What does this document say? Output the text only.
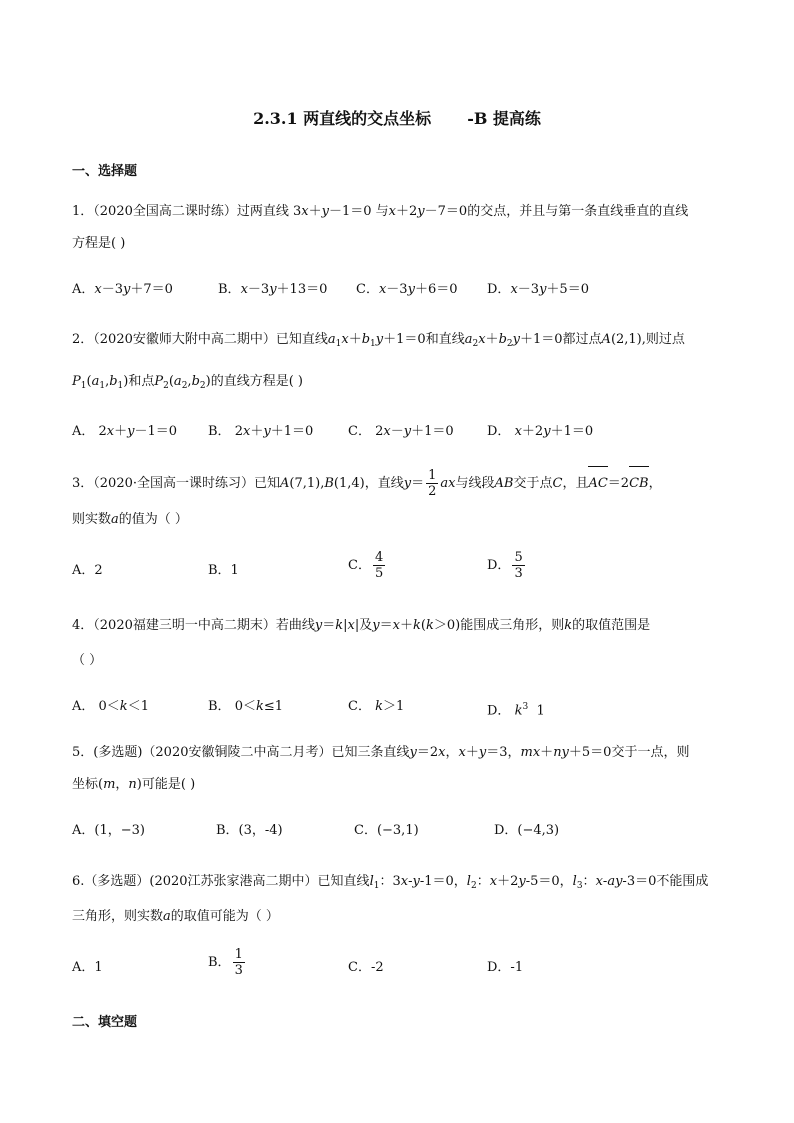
2.3.1 两直线的交点坐标 -B 提高练
一、选择题
1．（2020全国高二课时练）过两直线 3x＋y－1＝0 与x＋2y－7＝0的交点，并且与第一条直线垂直的直线
方程是( )
A．x－3y＋7＝0	B．x－3y＋13＝0 C．x－3y＋6＝0 D．x－3y＋5＝0
2．（2020安徽师大附中高二期中）已知直线$a_1x+b_1y+1=0$和直线$a_2x+b_2y+1=0$都过点A(2,1),则过点
$P_1(a_1,b_1)$和点$P_2(a_2,b_2)$的直线方程是( )
A． 2x＋y－1＝0 B． 2x＋y＋1＝0	C． 2x－y＋1＝0	D． x＋2y＋1＝0
3．（2020·全国高一课时练习）已知A(7,1),B(1,4)，直线$y= \frac{1}{2}$ ax与线段AB交于点C，且AC＝2CB，
则实数a的值为（ ）
A．2	B．1	C． $\frac{4}{5}$	D． $\frac{5}{3}$
4．（2020福建三明一中高二期末）若曲线y＝k|x|及y＝x＋k(k＞0)能围成三角形，则k的取值范围是
（ ）
A． 0＜k＜1	B． 0＜k≤1	C． k＞1	D． $k^3$  1
5．(多选题)（2020安徽铜陵二中高二月考）已知三条直线y＝2x，x＋y＝3，mx＋ny＋5＝0交于一点，则
坐标(m，n)可能是( )
A．(1，−3)	B．(3，-4)	C．(−3,1)	D．(−4,3)
6.（多选题）(2020江苏张家港高二期中）已知直线$l_1$：3x-y-1＝0，$l_2$：x＋2y-5＝0，$l_3$：x-ay-3＝0不能围成
三角形，则实数a的取值可能为（ ）
A．1	B． $\frac{1}{3}$	C．-2	D．-1
二、填空题
